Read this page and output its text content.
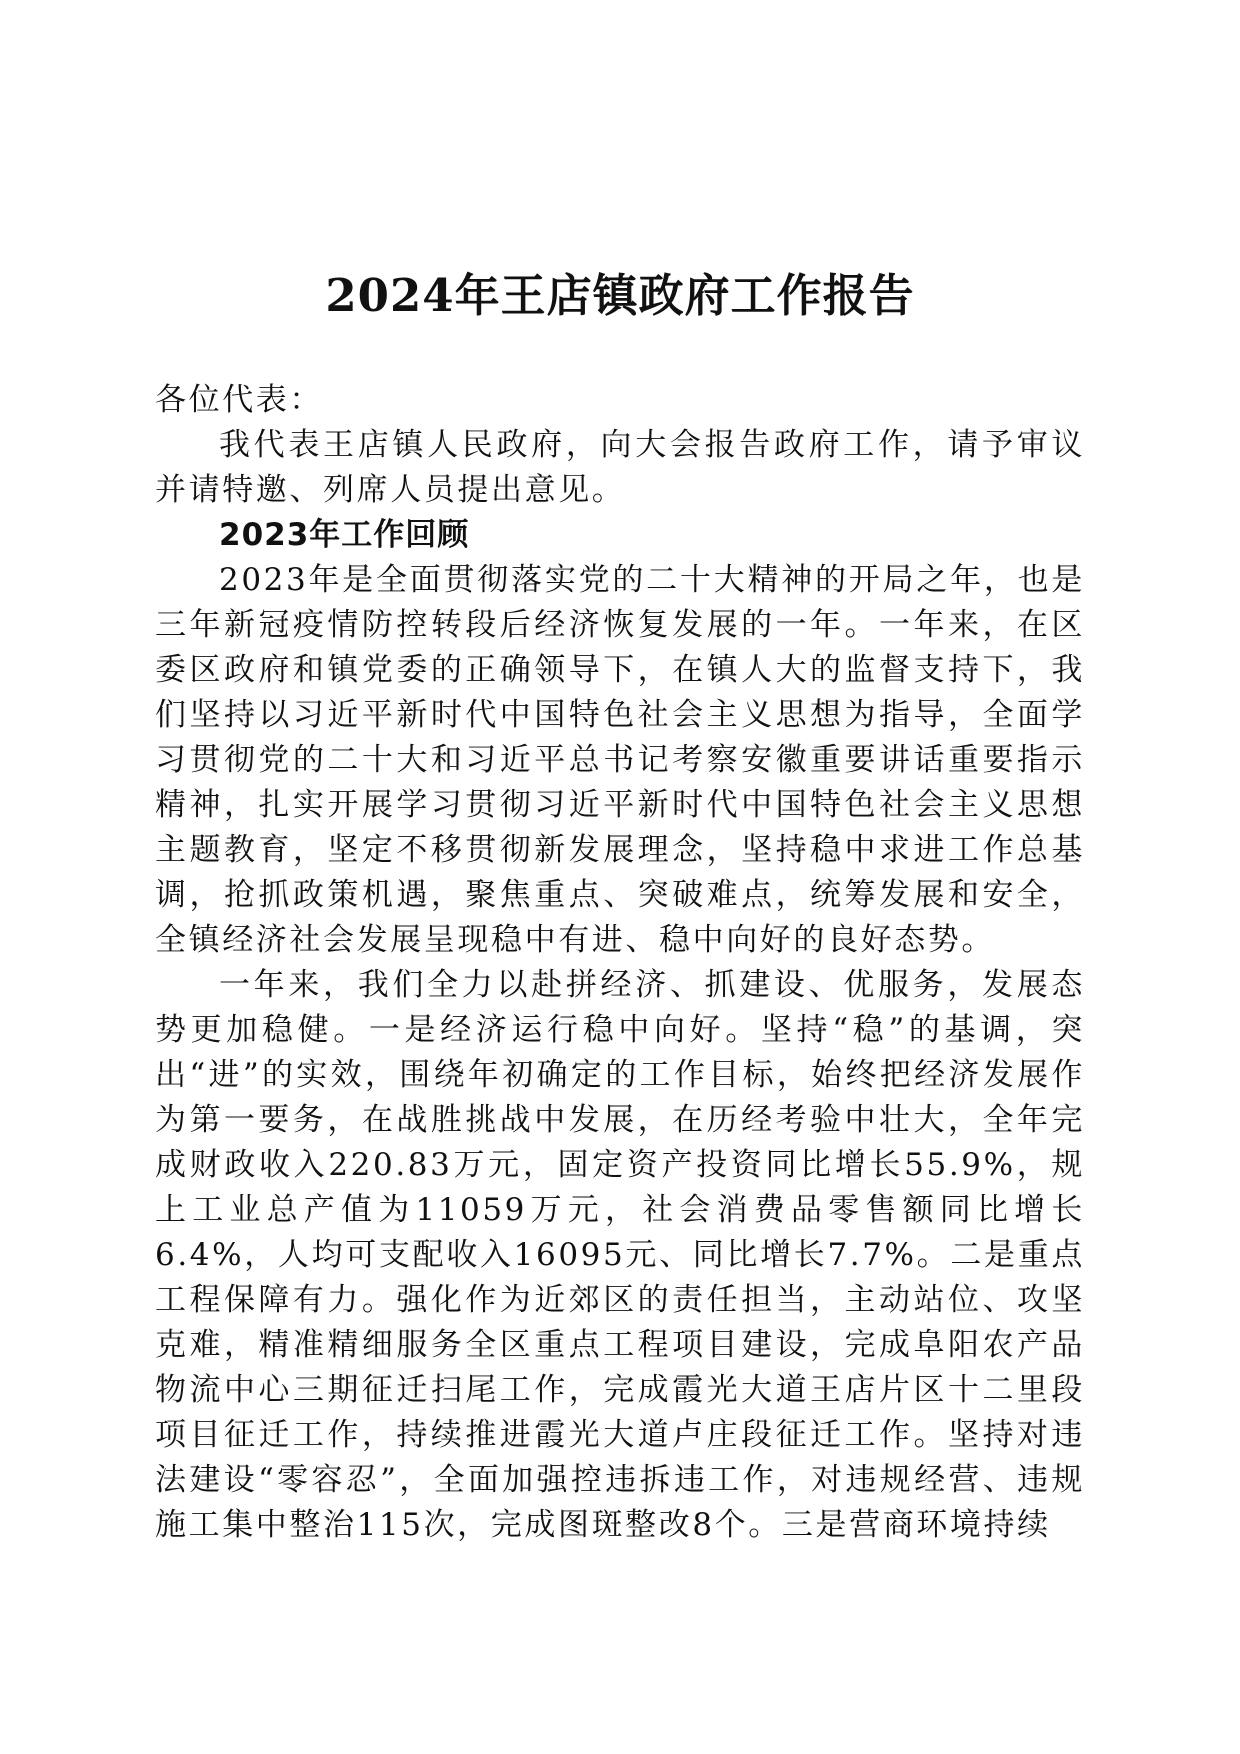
2024年王店镇政府工作报告

各位代表：

我代表王店镇人民政府，向大会报告政府工作，请予审议并请特邀、列席人员提出意见。

2023年工作回顾

2023年是全面贯彻落实党的二十大精神的开局之年，也是三年新冠疫情防控转段后经济恢复发展的一年。一年来，在区委区政府和镇党委的正确领导下，在镇人大的监督支持下，我们坚持以习近平新时代中国特色社会主义思想为指导，全面学习贯彻党的二十大和习近平总书记考察安徽重要讲话重要指示精神，扎实开展学习贯彻习近平新时代中国特色社会主义思想主题教育，坚定不移贯彻新发展理念，坚持稳中求进工作总基调，抢抓政策机遇，聚焦重点、突破难点，统筹发展和安全，全镇经济社会发展呈现稳中有进、稳中向好的良好态势。

一年来，我们全力以赴拼经济、抓建设、优服务，发展态势更加稳健。一是经济运行稳中向好。坚持“稳”的基调，突出“进”的实效，围绕年初确定的工作目标，始终把经济发展作为第一要务，在战胜挑战中发展，在历经考验中壮大，全年完成财政收入220.83万元，固定资产投资同比增长55.9%，规上工业总产值为11059万元，社会消费品零售额同比增长6.4%，人均可支配收入16095元、同比增长7.7%。二是重点工程保障有力。强化作为近郊区的责任担当，主动站位、攻坚克难，精准精细服务全区重点工程项目建设，完成阜阳农产品物流中心三期征迁扫尾工作，完成霞光大道王店片区十二里段项目征迁工作，持续推进霞光大道卢庄段征迁工作。坚持对违法建设“零容忍”，全面加强控违拆违工作，对违规经营、违规施工集中整治115次，完成图斑整改8个。三是营商环境持续
